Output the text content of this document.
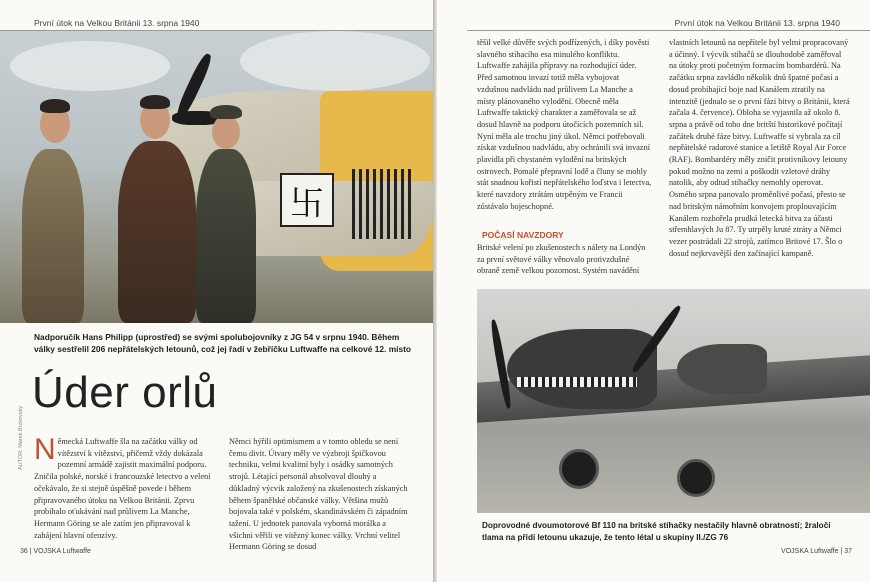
První útok na Velkou Británii 13. srpna 1940
卐
Nadporučík Hans Philipp (uprostřed) se svými spolubojovníky z JG 54 v srpnu 1940. Během války sestřelil 206 nepřátelských letounů, což jej řadí v žebříčku Luftwaffe na celkové 12. místo
Úder orlů
Německá Luftwaffe šla na začátku války od vítězství k vítězství, přičemž vždy dokázala pozemní armádě zajistit maximální podporu. Zničila polské, norské i francouzské letectvo a velení očekávalo, že si stejně úspěšně povede i během připravovaného útoku na Velkou Británii. Zprvu probíhalo oťukávání nad průlivem La Manche, Hermann Göring se ale zatím jen připravoval k zahájení hlavní ofenzívy.
Němci hýřili optimismem a v tomto ohledu se není čemu divit. Útvary měly ve výzbroji špičkovou techniku, velmi kvalitní byly i osádky samotných strojů. Létající personál absolvoval dlouhý a důkladný výcvik založený na zkušenostech získaných během španělské občanské války. Většina mužů bojovala také v polském, skandinávském či západním tažení. U jednotek panovala vyborná morálka a všichni věřili ve vítězný konec války. Vrchní velitel Hermann Göring se dosud
AUTOR: Marek Brzkovský
36 | VOJSKA Luftwaffe
První útok na Velkou Británii 13. srpna 1940
těšil velké důvěře svých podřízených, i díky pověsti slavného stíhacího esa minulého konfliktu. Luftwaffe zahájila přípravy na rozhodující úder. Před samotnou invazí totiž měla vybojovat vzdušnou nadvládu nad průlivem La Manche a místy plánovaného vylodění. Obecně měla Luftwaffe taktický charakter a zaměřovala se až dosud hlavně na podporu útočících pozemních sil. Nyní měla ale trochu jiný úkol. Němci potřebovali získat vzdušnou nadvládu, aby ochránili svá invazní plavidla při chystaném vylodění na britských ostrovech. Pomalé přepravní lodě a čluny se mohly stát snadnou kořistí nepřátelského loďstva i letectva, které navzdory ztrátám utrpěným ve Francii zůstávalo bojeschopné.
POČASÍ NAVZDORY
Britské velení po zkušenostech s nálety na Londýn za první světové války věnovalo protivzdušné obraně země velkou pozornost. Systém navádění
vlastních letounů na nepřítele byl velmi propracovaný a účinný. I výcvik stíhačů se dlouhodobě zaměřoval na útoky proti početným formacím bombardérů. Na začátku srpna zavládlo několik dnů špatné počasí a dosud probíhající boje nad Kanálem ztratily na intenzitě (jednalo se o první fázi bitvy o Británii, která začala 4. července). Obloha se vyjasnila až okolo 8. srpna a právě od toho dne britští historikové počítají začátek druhé fáze bitvy. Luftwaffe si vybrala za cíl nepřátelské radarové stanice a letiště Royal Air Force (RAF). Bombardéry měly zničit protivníkovy letouny pokud možno na zemi a poškodit vzletové dráhy natolik, aby odtud stíhačky nemohly operovat. Osmého srpna panovalo proměnlivé počasí, přesto se nad britským námořním konvojem proplouvajícím Kanálem rozhořela prudká letecká bitva za účasti střemhlavých Ju 87. Ty utrpěly kruté ztráty a Němci vezer postrádali 22 strojů, zatímco Britové 17. Šlo o dosud nejkrvavější den začínající kampaně.
Doprovodné dvoumotorové Bf 110 na britské stíhačky nestačily hlavně obratností; žraločí tlama na přídi letounu ukazuje, že tento létal u skupiny II./ZG 76
VOJSKA Luftwaffe | 37
